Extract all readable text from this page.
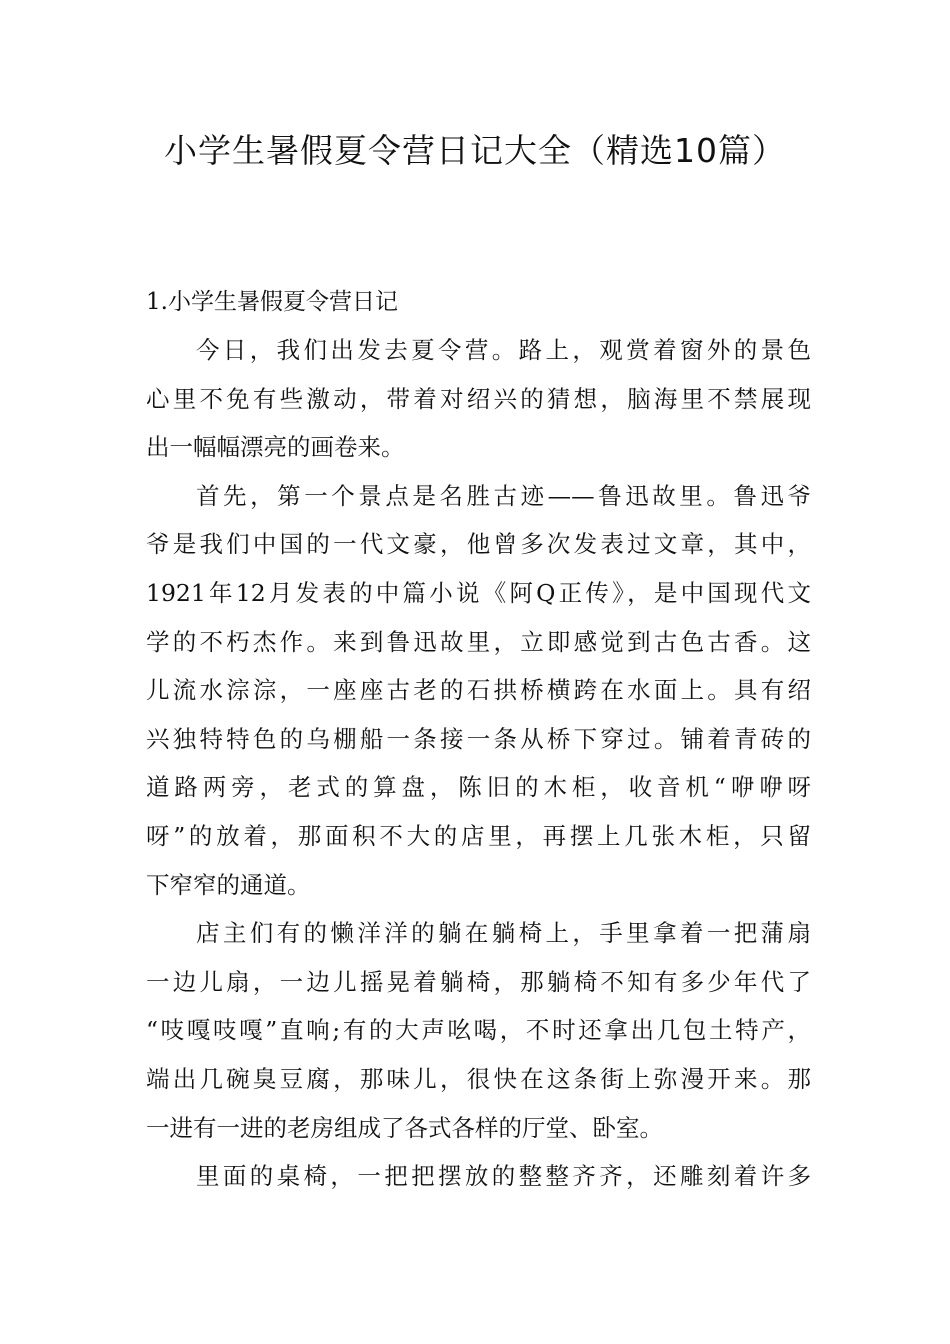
小学生暑假夏令营日记大全（精选10篇）
1.小学生暑假夏令营日记

今日，我们出发去夏令营。路上，观赏着窗外的景色
心里不免有些激动，带着对绍兴的猜想，脑海里不禁展现
出一幅幅漂亮的画卷来。

首先，第一个景点是名胜古迹——鲁迅故里。鲁迅爷
爷是我们中国的一代文豪，他曾多次发表过文章，其中，
1921年12月发表的中篇小说《阿Q正传》，是中国现代文
学的不朽杰作。来到鲁迅故里，立即感觉到古色古香。这
儿流水淙淙，一座座古老的石拱桥横跨在水面上。具有绍
兴独特特色的乌棚船一条接一条从桥下穿过。铺着青砖的
道路两旁，老式的算盘，陈旧的木柜，收音机“咿咿呀
呀”的放着，那面积不大的店里，再摆上几张木柜，只留
下窄窄的通道。

店主们有的懒洋洋的躺在躺椅上，手里拿着一把蒲扇
一边儿扇，一边儿摇晃着躺椅，那躺椅不知有多少年代了
“吱嘎吱嘎”直响;有的大声吆喝，不时还拿出几包土特产，
端出几碗臭豆腐，那味儿，很快在这条街上弥漫开来。那
一进有一进的老房组成了各式各样的厅堂、卧室。

里面的桌椅，一把把摆放的整整齐齐，还雕刻着许多
